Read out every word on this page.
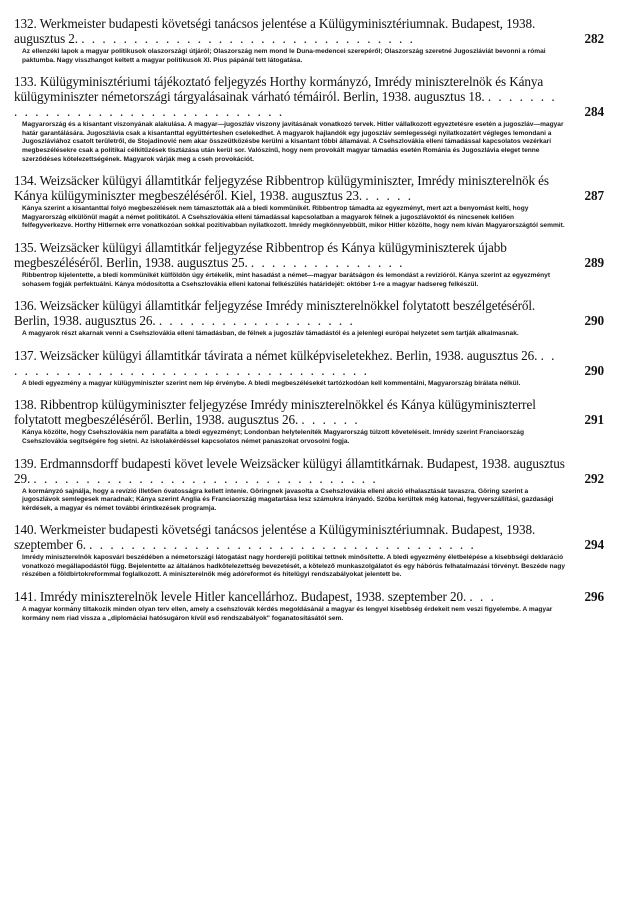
132. Werkmeister budapesti követségi tanácsos jelentése a Külügyminisztériumnak. Budapest, 1938. augusztus 2. . . . . . . . . . . . . . . . . . . . . . . . . . . . . . . . .	282
Az ellenzéki lapok a magyar politikusok olaszországi útjáról; Olaszország nem mond le Duna-medencei szerepéről; Olaszország szeretné Jugoszláviát bevonni a római paktumba. Nagy visszhangot keltett a magyar politikusok XI. Pius pápánál tett látogatása.
133. Külügyminisztériumi tájékoztató feljegyzés Horthy kormányzó, Imrédy miniszterelnök és Kánya külügyminiszter németországi tárgyalásainak várható témáiról. Berlin, 1938. augusztus 18. . . . . . . . . . . . . . . . . . . . . . . . . . . . . . . . . .	284
Magyarország és a kisantant viszonyának alakulása. A magyar—jugoszláv viszony javításának vonatkozó tervek. Hitler vállalkozott egyeztetésre esetén a jugoszláv—magyar határ garantálására. Jugoszlávia csak a kisantanttal együttérteshen cselekedhet. A magyarok hajlandók egy jugoszláv semlegességi nyilatkozatért végleges lemondani a Jugoszláviához csatolt területről, de Stojadinović nem akar összeütközésbe kerülni a kisantant többi államával. A Csehszlovákia elleni támadással kapcsolatos vezérkari megbeszélésekre csak a politikai célkitűzések tisztázása után kerül sor. Valószínű, hogy nem provokált magyar támadás esetén Románia és Jugoszlávia eleget tenne szerződéses kötelezettségének. Magyarok várják meg a cseh provokációt.
134. Weizsäcker külügyi államtitkár feljegyzése Ribbentrop külügyminiszter, Imrédy miniszterelnök és Kánya külügyminiszter megbeszéléséről. Kiel, 1938. augusztus 23. . . . . .	287
Kánya szerint a kisantanttal folyó megbeszélések nem támasztották alá a bledi kommünikét. Ribbentrop támadta az egyezményt, mert azt a benyomást kelti, hogy Magyarország elkülönül magát a német politikától. A Csehszlovákia elleni támadással kapcsolatban a magyarok félnek a jugoszlávoktól és nincsenek kellően felfegyverkezve. Horthy Hitlernek erre vonatkozóan sokkal pozitívabban nyilatkozott. Imrédy megkönnyebbült, mikor Hitler közölte, hogy nem kíván Magyarországtól semmit.
135. Weizsäcker külügyi államtitkár feljegyzése Ribbentrop és Kánya külügyminiszterek újabb megbeszéléséről. Berlin, 1938. augusztus 25. . . . . . . . . . . . . . . .	289
Ribbentrop kijelentette, a bledi kommünikét külföldön úgy értékelik, mint hasadást a német—magyar barátságon és lemondást a revízióról. Kánya szerint az egyezményt sohasem fogják perfektuálni. Kánya módosította a Csehszlovákia elleni katonai felkészülés határidejét: október 1-re a magyar hadsereg felkészül.
136. Weizsäcker külügyi államtitkár feljegyzése Imrédy miniszterelnökkel folytatott beszélgetéséről. Berlin, 1938. augusztus 26. . . . . . . . . . . . . . . . . . . .	290
A magyarok részt akarnak venni a Csehszlovákia elleni támadásban, de félnek a jugoszláv támadástól és a jelenlegi európai helyzetet sem tartják alkalmasnak.
137. Weizsäcker külügyi államtitkár távirata a német külképviseletekhez. Berlin, 1938. augusztus 26. . . . . . . . . . . . . . . . . . . . . . . . . . . . . . . . . . . . .	290
A bledi egyezmény a magyar külügyminiszter szerint nem lép érvénybe. A bledi megbeszélésekét tartózkodóan kell kommentálni, Magyarország bírálata nélkül.
138. Ribbentrop külügyminiszter feljegyzése Imrédy miniszterelnökkel és Kánya külügyminiszterrel folytatott megbeszéléséről. Berlin, 1938. augusztus 26. . . . . . .	291
Kánya közölte, hogy Csehszlovákia nem parafálta a bledi egyezményt; Londonban helyteleníték Magyarország túlzott követeléseit. Imrédy szerint Franciaország Csehszlovákia segítségére fog sietni. Az iskolakérdéssel kapcsolatos német panaszokat orvosolni fogja.
139. Erdmannsdorff budapesti követ levele Weizsäcker külügyi államtitkárnak. Budapest, 1938. augusztus 29. . . . . . . . . . . . . . . . . . . . . . . . . . . . . . . . . .	292
A kormányzó sajnálja, hogy a revízió illetően óvatosságra kellett intenie. Göringnek javasolta a Csehszlovákia elleni akció elhalasztását tavaszra. Göring szerint a jugoszlávok semlegesek maradnak; Kánya szerint Anglia és Franciaország magatartása lesz számukra irányadó. Szóba kerültek még katonai, fegyverszállítási, gazdasági kérdések, a magyar és német további érintkezések programja.
140. Werkmeister budapesti követségi tanácsos jelentése a Külügyminisztériumnak. Budapest, 1938. szeptember 6. . . . . . . . . . . . . . . . . . . . . . . . . . . . . . . . . . . . . .	294
Imrédy miniszterelnök kaposvári beszédében a németországi látogatást nagy horderejű politikai tettnek minősítette. A bledi egyezmény életbelépése a kisebbségi deklaráció vonatkozó megállapodástól függ. Bejelentette az általános hadkötelezettség bevezetését, a kötelező munkaszolgálatot és egy hábórús felhatalmazási törvényt. Beszéde nagy részében a földbirtokreformmal foglalkozott. A miniszterelnök még adóreformot és hitelügyi rendszabályokat jelentett be.
141. Imrédy miniszterelnök levele Hitler kancellárhoz. Budapest, 1938. szeptember 20. . . .	296
A magyar kormány tiltakozik minden olyan terv ellen, amely a csehszlovák kérdés megoldásánál a magyar és lengyel kisebbség érdekeit nem veszi figyelembe. A magyar kormány nem riad vissza a „diplomáciai hatósugáron kívül eső rendszabályok" foganatosításától sem.
